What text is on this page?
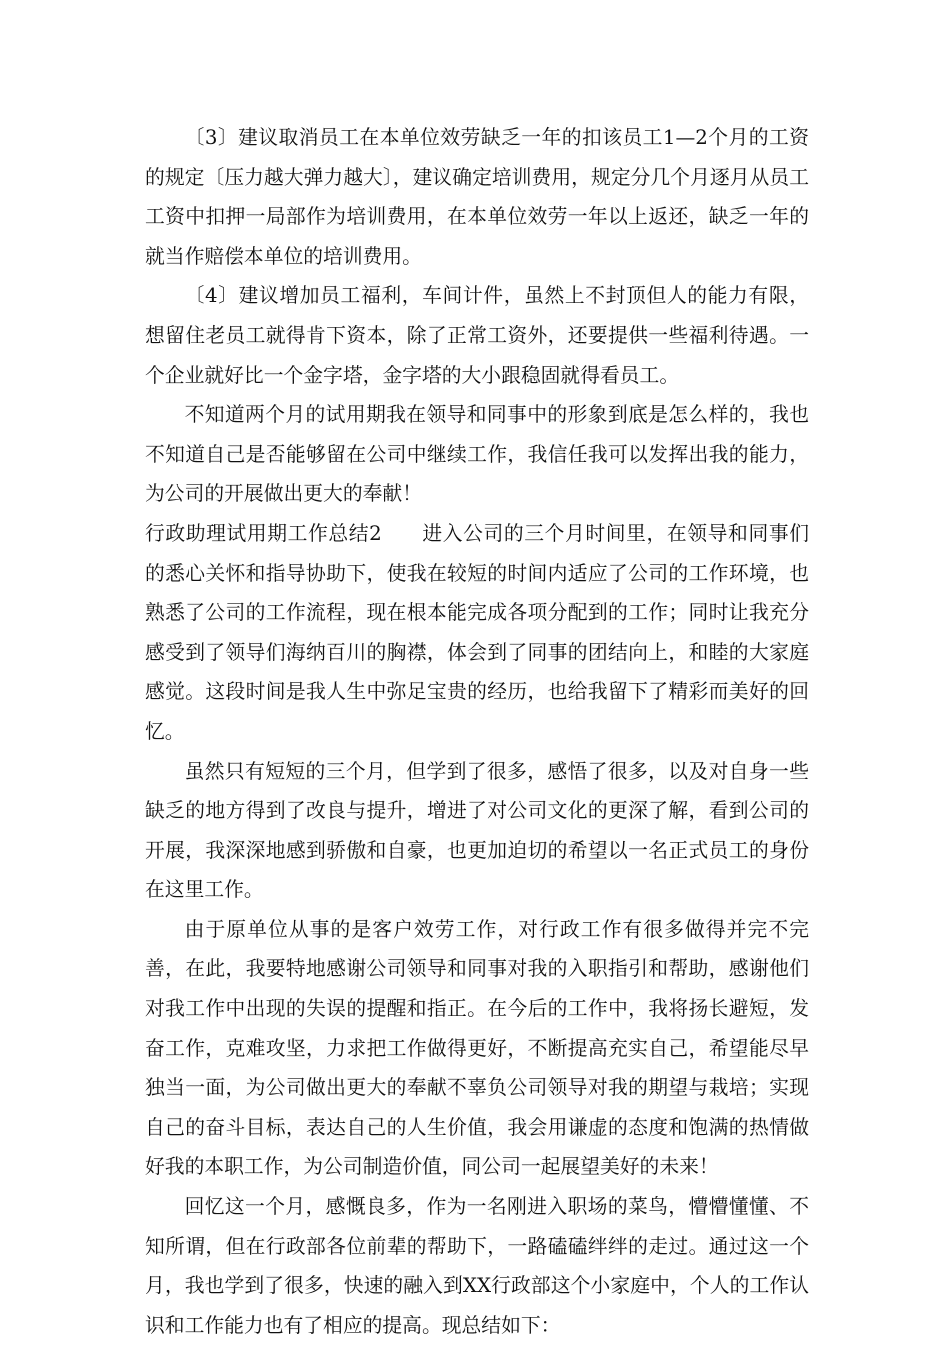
〔3〕建议取消员工在本单位效劳缺乏一年的扣该员工1—2个月的工资的规定〔压力越大弹力越大〕，建议确定培训费用，规定分几个月逐月从员工工资中扣押一局部作为培训费用，在本单位效劳一年以上返还，缺乏一年的就当作赔偿本单位的培训费用。

〔4〕建议增加员工福利，车间计件，虽然上不封顶但人的能力有限，想留住老员工就得肯下资本，除了正常工资外，还要提供一些福利待遇。一个企业就好比一个金字塔，金字塔的大小跟稳固就得看员工。

不知道两个月的试用期我在领导和同事中的形象到底是怎么样的，我也不知道自己是否能够留在公司中继续工作，我信任我可以发挥出我的能力，为公司的开展做出更大的奉献！

行政助理试用期工作总结2 进入公司的三个月时间里，在领导和同事们的悉心关怀和指导协助下，使我在较短的时间内适应了公司的工作环境，也熟悉了公司的工作流程，现在根本能完成各项分配到的工作；同时让我充分感受到了领导们海纳百川的胸襟，体会到了同事的团结向上，和睦的大家庭感觉。这段时间是我人生中弥足宝贵的经历，也给我留下了精彩而美好的回忆。

虽然只有短短的三个月，但学到了很多，感悟了很多，以及对自身一些缺乏的地方得到了改良与提升，增进了对公司文化的更深了解，看到公司的开展，我深深地感到骄傲和自豪，也更加迫切的希望以一名正式员工的身份在这里工作。

由于原单位从事的是客户效劳工作，对行政工作有很多做得并完不完善，在此，我要特地感谢公司领导和同事对我的入职指引和帮助，感谢他们对我工作中出现的失误的提醒和指正。在今后的工作中，我将扬长避短，发奋工作，克难攻坚，力求把工作做得更好，不断提高充实自己，希望能尽早独当一面，为公司做出更大的奉献不辜负公司领导对我的期望与栽培；实现自己的奋斗目标，表达自己的人生价值，我会用谦虚的态度和饱满的热情做好我的本职工作，为公司制造价值，同公司一起展望美好的未来！

回忆这一个月，感慨良多，作为一名刚进入职场的菜鸟，懵懵懂懂、不知所谓，但在行政部各位前辈的帮助下，一路磕磕绊绊的走过。通过这一个月，我也学到了很多，快速的融入到XX行政部这个小家庭中，个人的工作认识和工作能力也有了相应的提高。现总结如下：
